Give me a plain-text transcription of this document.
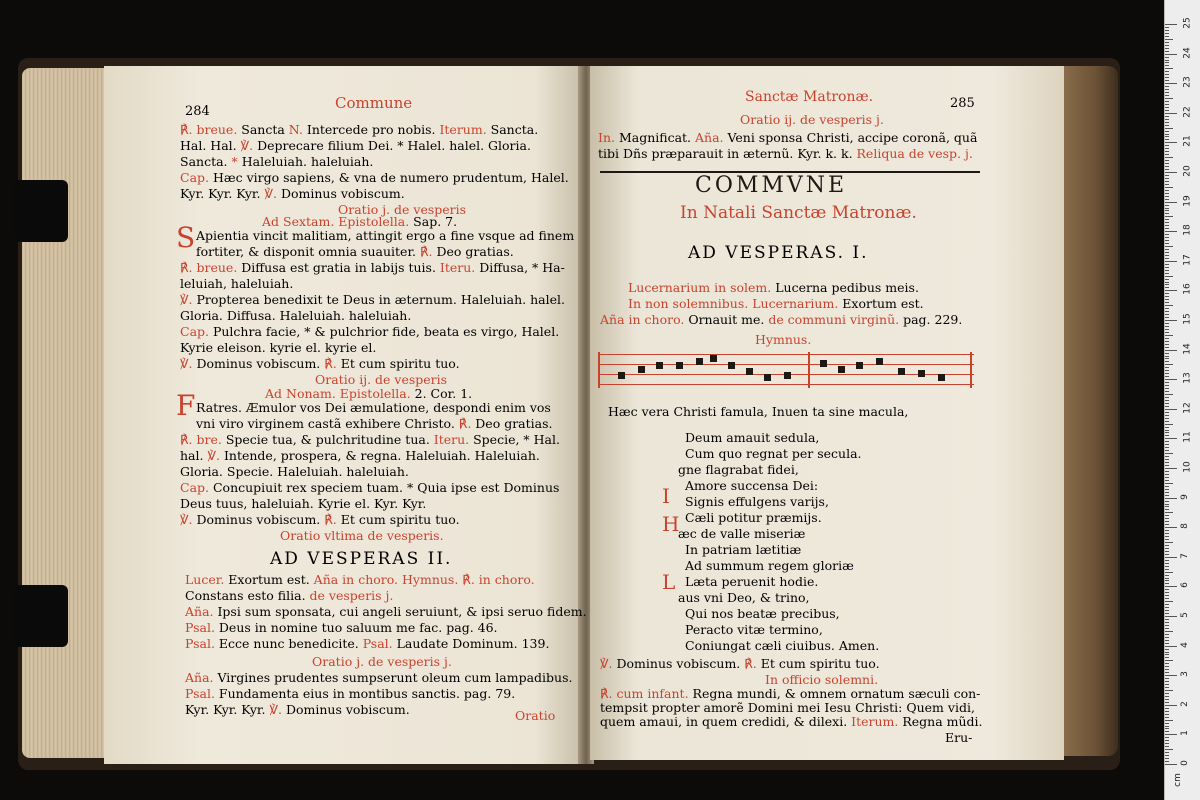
284	Commune	Sanctæ Matronæ.	285
S
F
I
H
L
℟. breue. Sancta N. Intercede pro nobis. Iterum. Sancta.
Hal. Hal. ℣. Deprecare filium Dei. * Halel. halel. Gloria.
Sancta. * Haleluiah. haleluiah.
Cap. Hæc virgo sapiens, & vna de numero prudentum, Halel.
Kyr. Kyr. Kyr. ℣. Dominus vobiscum.
Oratio j. de vesperis
Ad Sextam. Epistolella. Sap. 7.
Apientia vincit malitiam, attingit ergo a fine vsque ad finem
fortiter, & disponit omnia suauiter. ℟. Deo gratias.
℟. breue. Diffusa est gratia in labijs tuis. Iteru. Diffusa, * Ha-
leluiah, haleluiah.
℣. Propterea benedixit te Deus in æternum. Haleluiah. halel.
Gloria. Diffusa. Haleluiah. haleluiah.
Cap. Pulchra facie, * & pulchrior fide, beata es virgo, Halel.
Kyrie eleison. kyrie el. kyrie el.
℣. Dominus vobiscum. ℟. Et cum spiritu tuo.
Oratio ij. de vesperis
Ad Nonam. Epistolella. 2. Cor. 1.
Ratres. Æmulor vos Dei æmulatione, despondi enim vos
vni viro virginem castã exhibere Christo. ℟. Deo gratias.
℟. bre. Specie tua, & pulchritudine tua. Iteru. Specie, * Hal.
hal. ℣. Intende, prospera, & regna. Haleluiah. Haleluiah.
Gloria. Specie. Haleluiah. haleluiah.
Cap. Concupiuit rex speciem tuam. * Quia ipse est Dominus
Deus tuus, haleluiah. Kyrie el. Kyr. Kyr.
℣. Dominus vobiscum. ℟. Et cum spiritu tuo.
Oratio vltima de vesperis.
AD VESPERAS II.
Lucer. Exortum est. Aña in choro. Hymnus. ℟. in choro.
Constans esto filia. de vesperis j.
Aña. Ipsi sum sponsata, cui angeli seruiunt, & ipsi seruo fidem.
Psal. Deus in nomine tuo saluum me fac. pag. 46.
Psal. Ecce nunc benedicite. Psal. Laudate Dominum. 139.
Oratio j. de vesperis j.
Aña. Virgines prudentes sumpserunt oleum cum lampadibus.
Psal. Fundamenta eius in montibus sanctis. pag. 79.
Kyr. Kyr. Kyr. ℣. Dominus vobiscum.	Oratio
Oratio ij. de vesperis j.
In. Magnificat. Aña. Veni sponsa Christi, accipe coronã, quã
tibi Dñs præparauit in æternũ. Kyr. k. k. Reliqua de vesp. j.
COMMVNE
In Natali Sanctæ Matronæ.
AD VESPERAS. I.
Lucernarium in solem. Lucerna pedibus meis.
In non solemnibus. Lucernarium. Exortum est.
Aña in choro. Ornauit me. de communi virginũ. pag. 229.
Hymnus.
Hæc vera Christi famula, Inuen ta sine macula,
Deum amauit sedula,
Cum quo regnat per secula.
gne flagrabat fidei,
Amore succensa Dei:
Signis effulgens varijs,
Cæli potitur præmijs.
æc de valle miseriæ
In patriam lætitiæ
Ad summum regem gloriæ
Læta peruenit hodie.
aus vni Deo, & trino,
Qui nos beatæ precibus,
Peracto vitæ termino,
Coniungat cæli ciuibus. Amen.
℣. Dominus vobiscum. ℟. Et cum spiritu tuo.
In officio solemni.
℟. cum infant. Regna mundi, & omnem ornatum sæculi con-
tempsit propter amorẽ Domini mei Iesu Christi: Quem vidi,
quem amaui, in quem credidi, & dilexi. Iterum. Regna mũdi.
Eru-
25
24
23
22
21
20
19
18
17
16
15
14
13
12
11
10
9
8
7
6
5
4
3
2
1
0
cm
